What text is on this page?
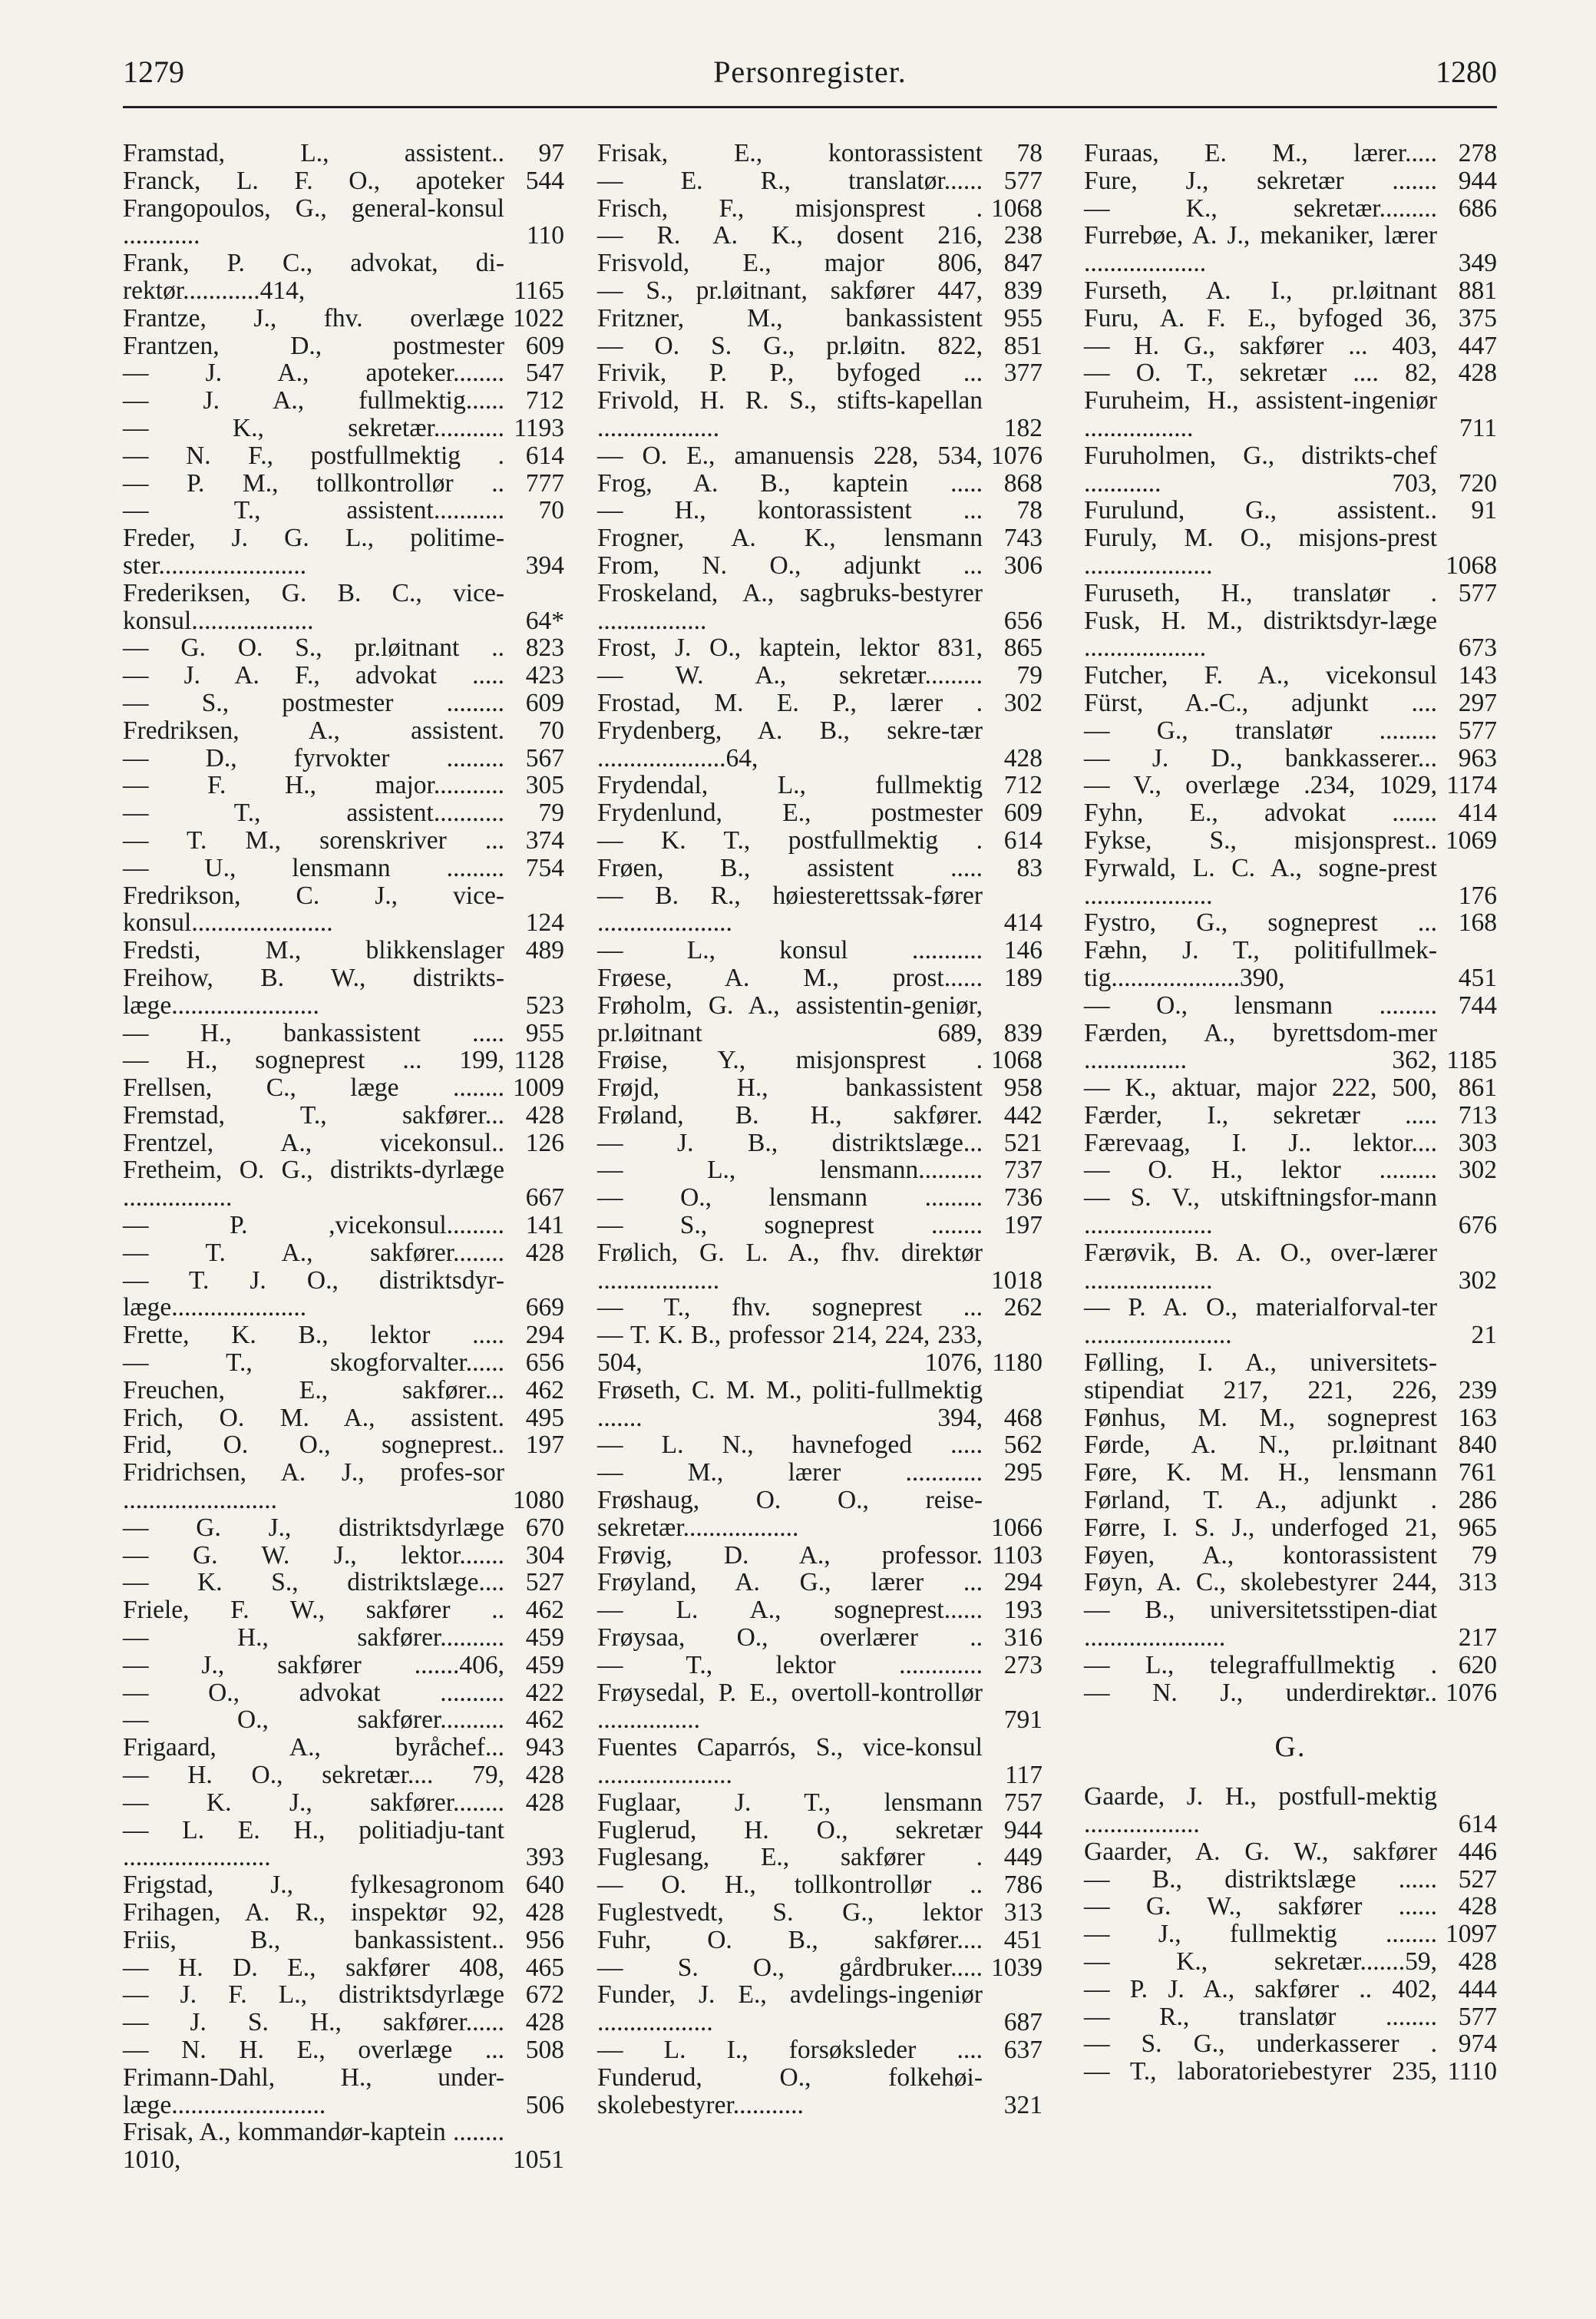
1279	Personregister.	1280
Framstad, L., assistent.. 97
Franck, L. F. O., apoteker 544
Frangopoulos, G., general-konsul ............	110
Frank, P. C., advokat, di-rektør............414,	1165
Frantze, J., fhv. overlæge 1022
Frantzen, D., postmester 609
— J. A., apoteker........ 547
— J. A., fullmektig...... 712
— K., sekretær........... 1193
— N. F., postfullmektig . 614
— P. M., tollkontrollør .. 777
— T., assistent........... 70
Freder, J. G. L., politime-ster.......................	394
Frederiksen, G. B. C., vice-konsul...................	64*
— G. O. S., pr.løitnant .. 823
— J. A. F., advokat ..... 423
— S., postmester ......... 609
Fredriksen, A., assistent. 70
— D., fyrvokter ......... 567
— F. H., major........... 305
— T., assistent........... 79
— T. M., sorenskriver ... 374
— U., lensmann ......... 754
Fredrikson, C. J., vice-konsul......................	124
Fredsti, M., blikkenslager 489
Freihow, B. W., distrikts-læge.......................	523
— H., bankassistent ..... 955
— H., sogneprest ... 199, 1128
Frellsen, C., læge ........ 1009
Fremstad, T., sakfører... 428
Frentzel, A., vicekonsul.. 126
Fretheim, O. G., distrikts-dyrlæge .................	667
— P. ,vicekonsul......... 141
— T. A., sakfører........ 428
— T. J. O., distriktsdyr-læge.....................	669
Frette, K. B., lektor ..... 294
— T., skogforvalter...... 656
Freuchen, E., sakfører... 462
Frich, O. M. A., assistent. 495
Frid, O. O., sogneprest.. 197
Fridrichsen, A. J., profes-sor ........................	1080
— G. J., distriktsdyrlæge 670
— G. W. J., lektor....... 304
— K. S., distriktslæge.... 527
Friele, F. W., sakfører .. 462
— H., sakfører.......... 459
— J., sakfører .......406, 459
— O., advokat .......... 422
— O., sakfører.......... 462
Frigaard, A., byråchef... 943
— H. O., sekretær.... 79, 428
— K. J., sakfører........ 428
— L. E. H., politiadju-tant .......................	393
Frigstad, J., fylkesagronom 640
Frihagen, A. R., inspektør 92, 428
Friis, B., bankassistent.. 956
— H. D. E., sakfører 408, 465
— J. F. L., distriktsdyrlæge 672
— J. S. H., sakfører...... 428
— N. H. E., overlæge ... 508
Frimann-Dahl, H., under-læge........................	506
Frisak, A., kommandør-kaptein ........ 1010,	1051
Frisak, E., kontorassistent 78
— E. R., translatør...... 577
Frisch, F., misjonsprest . 1068
— R. A. K., dosent 216, 238
Frisvold, E., major 806, 847
— S., pr.løitnant, sakfører 447, 839
Fritzner, M., bankassistent 955
— O. S. G., pr.løitn. 822, 851
Frivik, P. P., byfoged ... 377
Frivold, H. R. S., stifts-kapellan ...................	182
— O. E., amanuensis 228, 534, 1076
Frog, A. B., kaptein ..... 868
— H., kontorassistent ... 78
Frogner, A. K., lensmann 743
From, N. O., adjunkt ... 306
Froskeland, A., sagbruks-bestyrer .................	656
Frost, J. O., kaptein, lektor 831, 865
— W. A., sekretær......... 79
Frostad, M. E. P., lærer . 302
Frydenberg, A. B., sekre-tær ....................64,	428
Frydendal, L., fullmektig 712
Frydenlund, E., postmester 609
— K. T., postfullmektig . 614
Frøen, B., assistent ..... 83
— B. R., høiesterettssak-fører .....................	414
— L., konsul ........... 146
Frøese, A. M., prost...... 189
Frøholm, G. A., assistentin-geniør, pr.løitnant 689, 839
Frøise, Y., misjonsprest . 1068
Frøjd, H., bankassistent 958
Frøland, B. H., sakfører. 442
— J. B., distriktslæge... 521
— L., lensmann.......... 737
— O., lensmann ......... 736
— S., sogneprest ........ 197
Frølich, G. L. A., fhv. direktør ...................	1018
— T., fhv. sogneprest ... 262
— T. K. B., professor 214, 224, 233, 504, 1076, 1180
Frøseth, C. M. M., politi-fullmektig ....... 394, 468
— L. N., havnefoged ..... 562
— M., lærer ............ 295
Frøshaug, O. O., reise-sekretær..................	1066
Frøvig, D. A., professor. 1103
Frøyland, A. G., lærer ... 294
— L. A., sogneprest...... 193
Frøysaa, O., overlærer .. 316
— T., lektor ............. 273
Frøysedal, P. E., overtoll-kontrollør ................	791
Fuentes Caparrós, S., vice-konsul .....................	117
Fuglaar, J. T., lensmann 757
Fuglerud, H. O., sekretær 944
Fuglesang, E., sakfører . 449
— O. H., tollkontrollør .. 786
Fuglestvedt, S. G., lektor 313
Fuhr, O. B., sakfører.... 451
— S. O., gårdbruker..... 1039
Funder, J. E., avdelings-ingeniør ..................	687
— L. I., forsøksleder .... 637
Funderud, O., folkehøi-skolebestyrer...........	321
Furaas, E. M., lærer..... 278
Fure, J., sekretær ....... 944
— K., sekretær......... 686
Furrebøe, A. J., mekaniker, lærer ...................	349
Furseth, A. I., pr.løitnant 881
Furu, A. F. E., byfoged 36, 375
— H. G., sakfører ... 403, 447
— O. T., sekretær .... 82, 428
Furuheim, H., assistent-ingeniør .................	711
Furuholmen, G., distrikts-chef ............ 703, 720
Furulund, G., assistent.. 91
Furuly, M. O., misjons-prest ....................	1068
Furuseth, H., translatør . 577
Fusk, H. M., distriktsdyr-læge ...................	673
Futcher, F. A., vicekonsul 143
Fürst, A.-C., adjunkt .... 297
— G., translatør ......... 577
— J. D., bankkasserer... 963
— V., overlæge .234, 1029, 1174
Fyhn, E., advokat ....... 414
Fykse, S., misjonsprest.. 1069
Fyrwald, L. C. A., sogne-prest ....................	176
Fystro, G., sogneprest ... 168
Fæhn, J. T., politifullmek-tig....................390,	451
— O., lensmann ......... 744
Færden, A., byrettsdom-mer ................ 362, 1185
— K., aktuar, major 222, 500, 861
Færder, I., sekretær ..... 713
Færevaag, I. J.. lektor.... 303
— O. H., lektor ......... 302
— S. V., utskiftningsfor-mann ....................	676
Færøvik, B. A. O., over-lærer ....................	302
— P. A. O., materialforval-ter .......................	21
Følling, I. A., universitets-stipendiat 217, 221, 226, 239
Fønhus, M. M., sogneprest 163
Førde, A. N., pr.løitnant 840
Føre, K. M. H., lensmann 761
Førland, T. A., adjunkt . 286
Førre, I. S. J., underfoged 21, 965
Føyen, A., kontorassistent 79
Føyn, A. C., skolebestyrer 244, 313
— B., universitetsstipen-diat ......................	217
— L., telegraffullmektig . 620
— N. J., underdirektør.. 1076
G.
Gaarde, J. H., postfull-mektig ..................	614
Gaarder, A. G. W., sakfører 446
— B., distriktslæge ...... 527
— G. W., sakfører ...... 428
— J., fullmektig ........ 1097
— K., sekretær.......59, 428
— P. J. A., sakfører .. 402, 444
— R., translatør ........ 577
— S. G., underkasserer . 974
— T., laboratoriebestyrer 235, 1110
